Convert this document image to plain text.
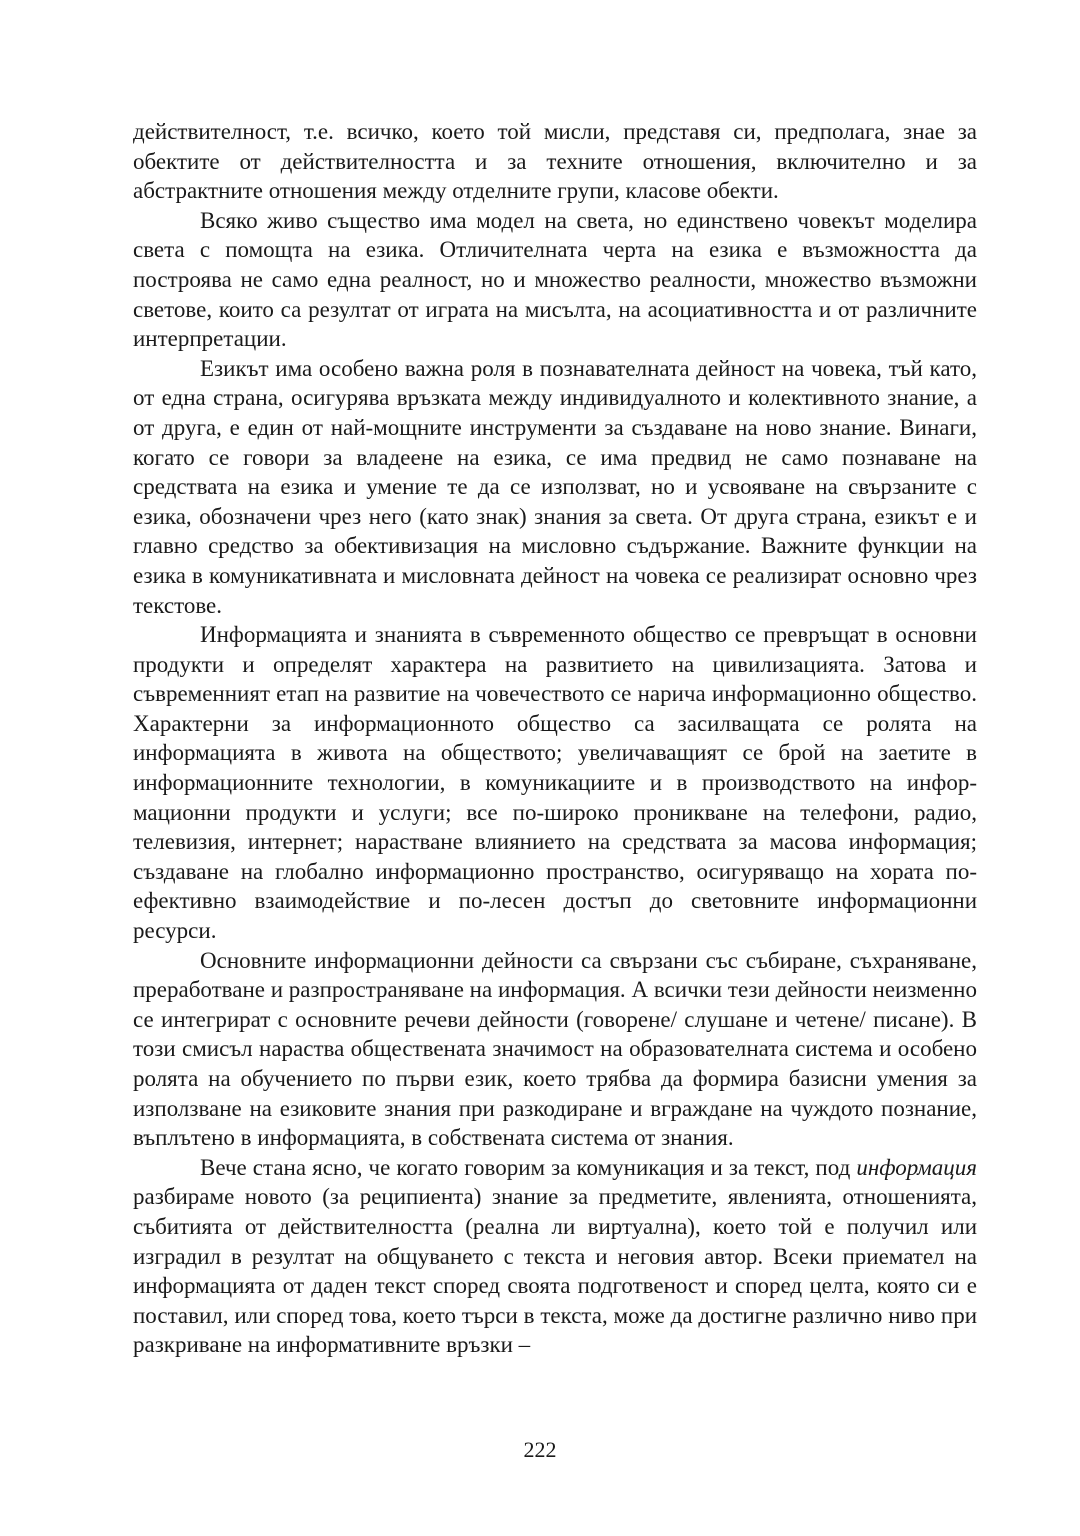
действителност, т.е. всичко, което той мисли, представя си, предполага, знае за обектите от действителността и за техните отношения, включително и за абстрактните отношения между отделните групи, класове обекти.

Всяко живо същество има модел на света, но единствено човекът моделира света с помощта на езика. Отличителната черта на езика е възможността да построява не само една реалност, но и множество реалности, множество възможни светове, които са резултат от играта на мисълта, на асоциативността и от различните интерпретации.

Езикът има особено важна роля в познавателната дейност на човека, тъй като, от една страна, осигурява връзката между индивидуалното и колективното знание, а от друга, е един от най-мощните инструменти за създаване на ново знание. Винаги, когато се говори за владеене на езика, се има предвид не само познаване на средствата на езика и умение те да се използват, но и усвояване на свързаните с езика, обозначени чрез него (като знак) знания за света. От друга страна, езикът е и главно средство за обективизация на мисловно съдържание. Важните функции на езика в комуникативната и мисловната дейност на човека се реализират основно чрез текстове.

Информацията и знанията в съвременното общество се превръщат в основни продукти и определят характера на развитието на цивилизацията. Затова и съвременният етап на развитие на човечеството се нарича информационно общество. Характерни за информационното общество са засилващата се ролята на информацията в живота на обществото; увеличаващият се брой на заетите в информационните технологии, в комуникациите и в производството на информационни продукти и услуги; все по-широко проникване на телефони, радио, телевизия, интернет; нарастване влиянието на средствата за масова информация; създаване на глобално информационно пространство, осигуряващо на хората по-ефективно взаимодействие и по-лесен достъп до световните информационни ресурси.

Основните информационни дейности са свързани със събиране, съхраняване, преработване и разпространяване на информация. А всички тези дейности неизменно се интегрират с основните речеви дейности (говорене/ слушане и четене/ писане). В този смисъл нараства обществената значимост на образователната система и особено ролята на обучението по първи език, което трябва да формира базисни умения за използване на езиковите знания при разкодиране и вграждане на чуждото познание, въплътено в информацията, в собствената система от знания.

Вече стана ясно, че когато говорим за комуникация и за текст, под информация разбираме новото (за реципиента) знание за предметите, явленията, отношенията, събитията от действителността (реална ли виртуална), което той е получил или изградил в резултат на общуването с текста и неговия автор. Всеки приемател на информацията от даден текст според своята подготвеност и според целта, която си е поставил, или според това, което търси в текста, може да достигне различно ниво при разкриване на информативните връзки –

222
